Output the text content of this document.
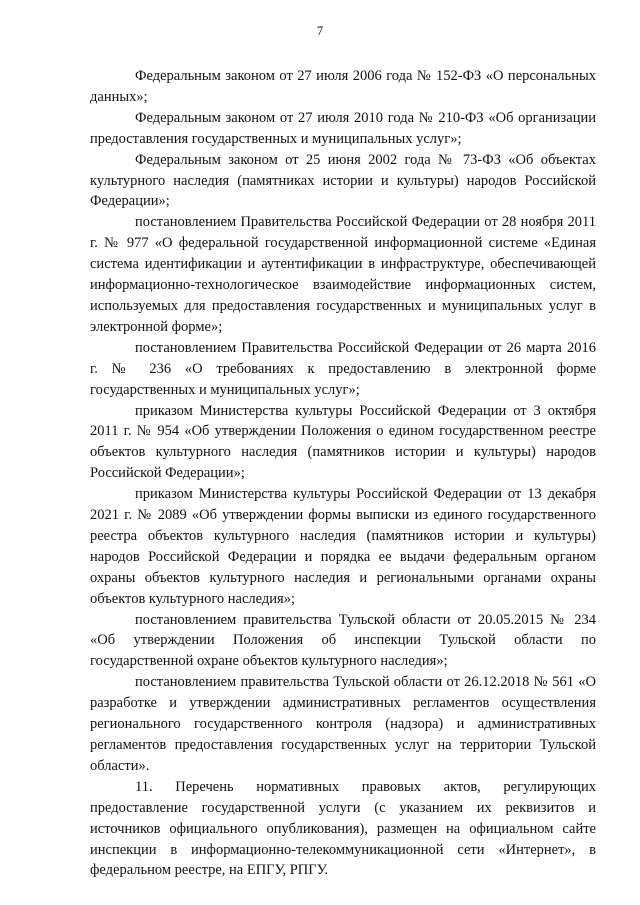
7

Федеральным законом от 27 июля 2006 года № 152-ФЗ «О персональных данных»;

Федеральным законом от 27 июля 2010 года № 210-ФЗ «Об организации предоставления государственных и муниципальных услуг»;

Федеральным законом от 25 июня 2002 года № 73-ФЗ «Об объектах культурного наследия (памятниках истории и культуры) народов Российской Федерации»;

постановлением Правительства Российской Федерации от 28 ноября 2011 г. № 977 «О федеральной государственной информационной системе «Единая система идентификации и аутентификации в инфраструктуре, обеспечивающей информационно-технологическое взаимодействие информационных систем, используемых для предоставления государственных и муниципальных услуг в электронной форме»;

постановлением Правительства Российской Федерации от 26 марта 2016 г. № 236 «О требованиях к предоставлению в электронной форме государственных и муниципальных услуг»;

приказом Министерства культуры Российской Федерации от 3 октября 2011 г. № 954 «Об утверждении Положения о едином государственном реестре объектов культурного наследия (памятников истории и культуры) народов Российской Федерации»;

приказом Министерства культуры Российской Федерации от 13 декабря 2021 г. № 2089 «Об утверждении формы выписки из единого государственного реестра объектов культурного наследия (памятников истории и культуры) народов Российской Федерации и порядка ее выдачи федеральным органом охраны объектов культурного наследия и региональными органами охраны объектов культурного наследия»;

постановлением правительства Тульской области от 20.05.2015 № 234 «Об утверждении Положения об инспекции Тульской области по государственной охране объектов культурного наследия»;

постановлением правительства Тульской области от 26.12.2018 № 561 «О разработке и утверждении административных регламентов осуществления регионального государственного контроля (надзора) и административных регламентов предоставления государственных услуг на территории Тульской области».

11. Перечень нормативных правовых актов, регулирующих предоставление государственной услуги (с указанием их реквизитов и источников официального опубликования), размещен на официальном сайте инспекции в информационно-телекоммуникационной сети «Интернет», в федеральном реестре, на ЕПГУ, РПГУ.
